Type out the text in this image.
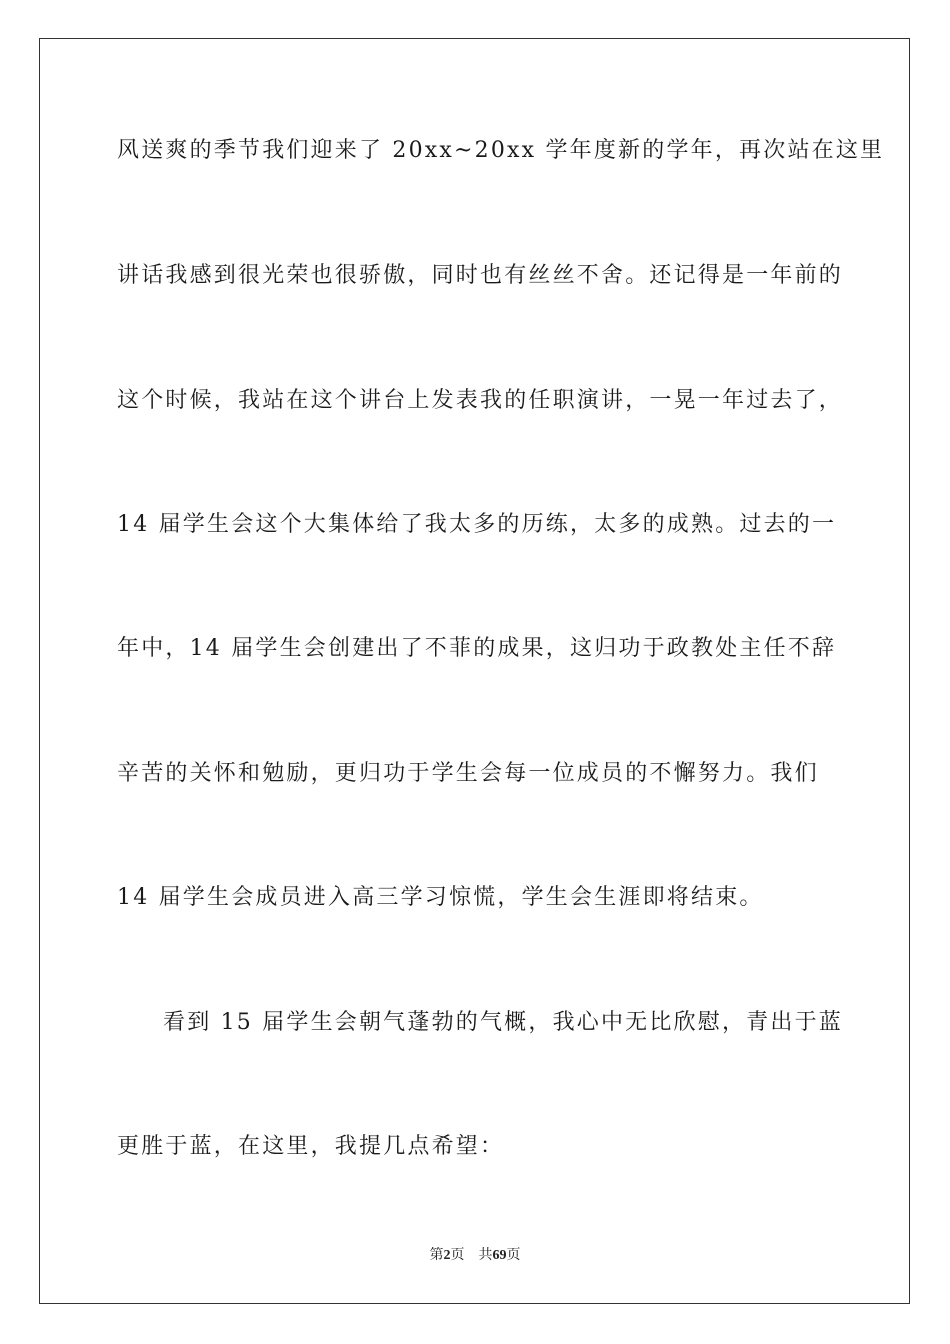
风送爽的季节我们迎来了 20xx~20xx 学年度新的学年，再次站在这里
讲话我感到很光荣也很骄傲，同时也有丝丝不舍。还记得是一年前的
这个时候，我站在这个讲台上发表我的任职演讲，一晃一年过去了，
14 届学生会这个大集体给了我太多的历练，太多的成熟。过去的一
年中，14 届学生会创建出了不菲的成果，这归功于政教处主任不辞
辛苦的关怀和勉励，更归功于学生会每一位成员的不懈努力。我们
14 届学生会成员进入高三学习惊慌，学生会生涯即将结束。
看到 15 届学生会朝气蓬勃的气概，我心中无比欣慰，青出于蓝
更胜于蓝，在这里，我提几点希望：
第2页 共69页
